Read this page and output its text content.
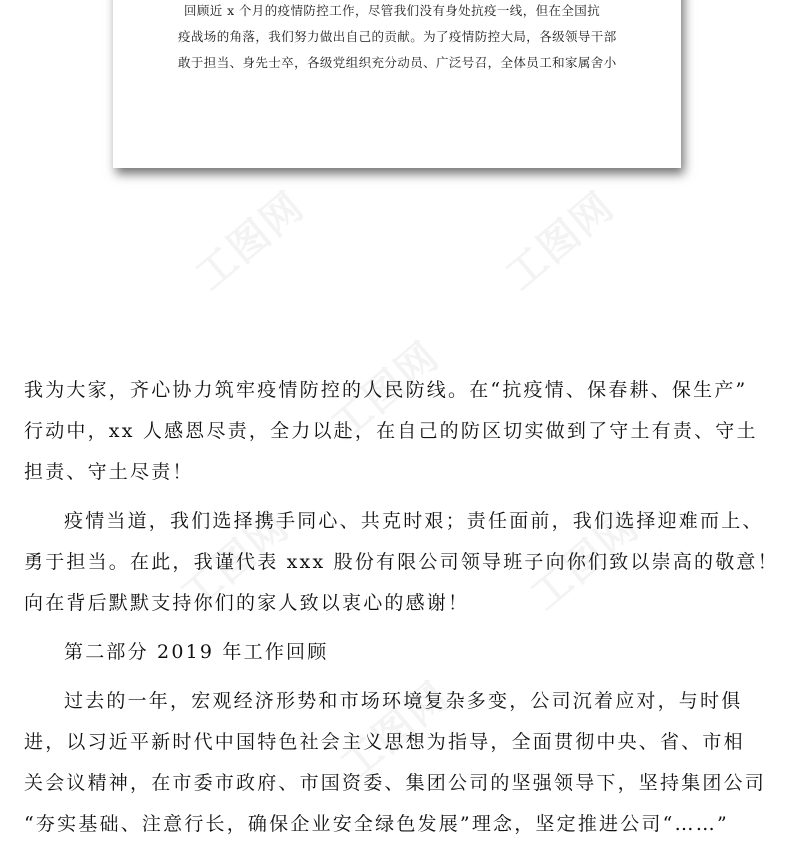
工图网	工图网
工图网
工图网	工图网
工图网
回顾近 x 个月的疫情防控工作，尽管我们没有身处抗疫一线，但在全国抗
疫战场的角落，我们努力做出自己的贡献。为了疫情防控大局，各级领导干部
敢于担当、身先士卒，各级党组织充分动员、广泛号召，全体员工和家属舍小
我为大家，齐心协力筑牢疫情防控的人民防线。在“抗疫情、保春耕、保生产”
行动中，xx 人感恩尽责，全力以赴，在自己的防区切实做到了守土有责、守土
担责、守土尽责！
疫情当道，我们选择携手同心、共克时艰；责任面前，我们选择迎难而上、
勇于担当。在此，我谨代表 xxx 股份有限公司领导班子向你们致以崇高的敬意！
向在背后默默支持你们的家人致以衷心的感谢！
第二部分 2019 年工作回顾
过去的一年，宏观经济形势和市场环境复杂多变，公司沉着应对，与时俱
进，以习近平新时代中国特色社会主义思想为指导，全面贯彻中央、省、市相
关会议精神，在市委市政府、市国资委、集团公司的坚强领导下，坚持集团公司
“夯实基础、注意行长，确保企业安全绿色发展”理念，坚定推进公司“……”
